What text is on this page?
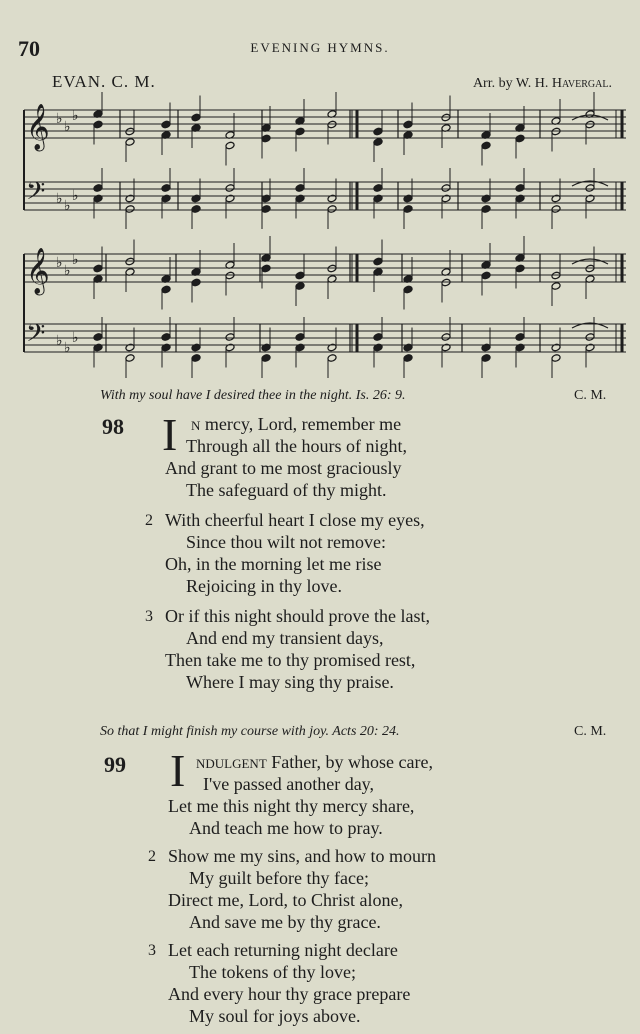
70	EVENING HYMNS.
EVAN. C. M.	Arr. by W. H. Havergal.
𝄞
𝄢
♭
♭
♭
♭ ♭
♭
𝄞
𝄢
♭
♭
♭
♭ ♭
♭
With my soul have I desired thee in the night. Is. 26: 9.	C. M.
98 I n mercy, Lord, remember me
Through all the hours of night,
And grant to me most graciously
The safeguard of thy might.
2 With cheerful heart I close my eyes,
Since thou wilt not remove:
Oh, in the morning let me rise
Rejoicing in thy love.
3 Or if this night should prove the last,
And end my transient days,
Then take me to thy promised rest,
Where I may sing thy praise.
So that I might finish my course with joy. Acts 20: 24.	C. M.
99 I ndulgent Father, by whose care,
I've passed another day,
Let me this night thy mercy share,
And teach me how to pray.
2 Show me my sins, and how to mourn
My guilt before thy face;
Direct me, Lord, to Christ alone,
And save me by thy grace.
3 Let each returning night declare
The tokens of thy love;
And every hour thy grace prepare
My soul for joys above.
